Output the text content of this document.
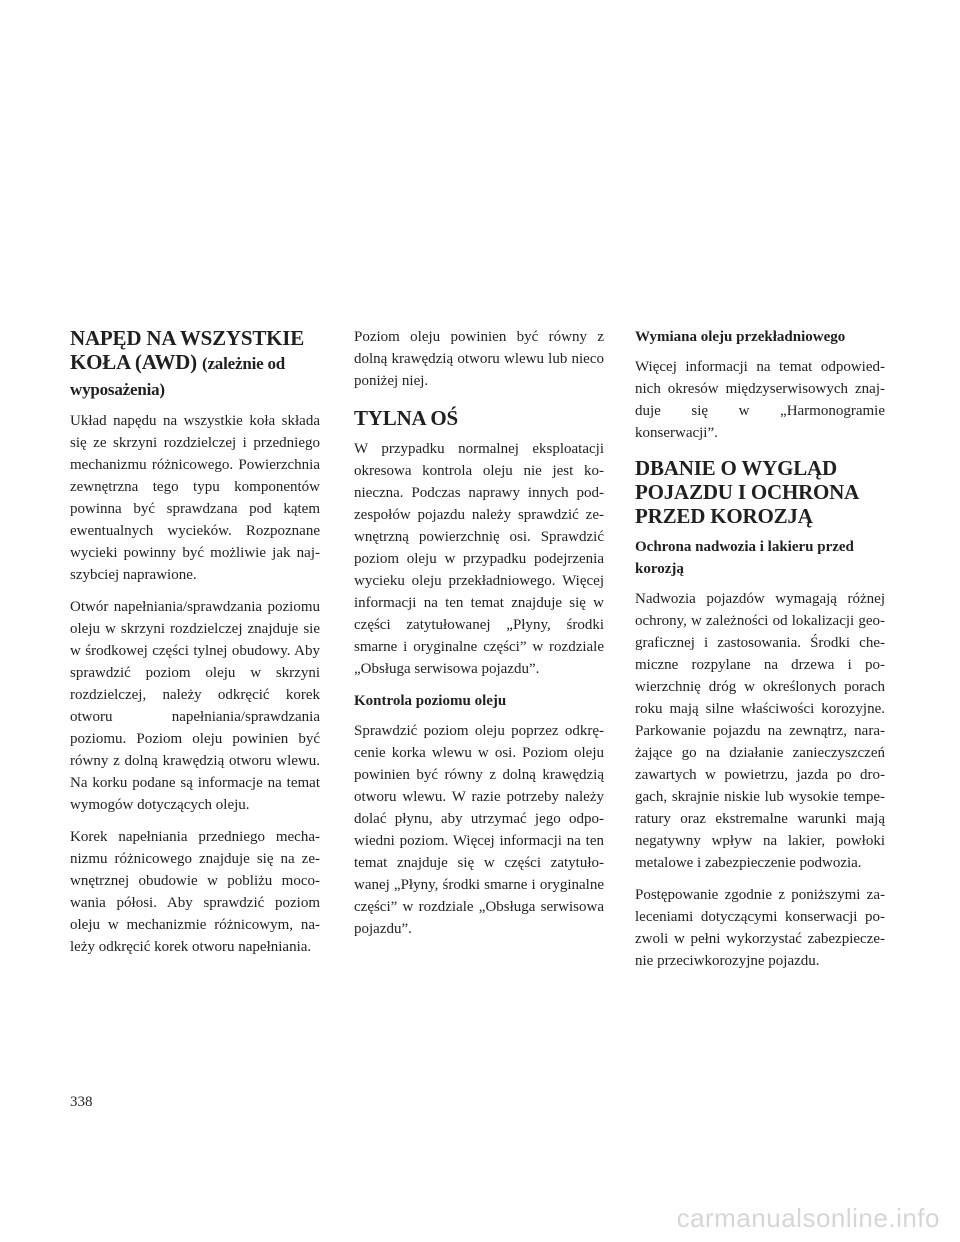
NAPĘD NA WSZYSTKIE KOŁA (AWD) (zależnie od wyposażenia)

Układ napędu na wszystkie koła składa się ze skrzyni rozdzielczej i przedniego mechanizmu różnicowego. Powierzchnia zewnętrzna tego typu komponentów powinna być sprawdzana pod kątem ewentualnych wycieków. Rozpoznane wycieki powinny być możliwie jak najszybciej naprawione.

Otwór napełniania/sprawdzania poziomu oleju w skrzyni rozdzielczej znajduje sie w środkowej części tylnej obudowy. Aby sprawdzić poziom oleju w skrzyni rozdzielczej, należy odkręcić korek otworu napełniania/sprawdzania poziomu. Poziom oleju powinien być równy z dolną krawędzią otworu wlewu. Na korku podane są informacje na temat wymogów dotyczących oleju.

Korek napełniania przedniego mechanizmu różnicowego znajduje się na zewnętrznej obudowie w pobliżu mocowania półosi. Aby sprawdzić poziom oleju w mechanizmie różnicowym, należy odkręcić korek otworu napełniania.

Poziom oleju powinien być równy z dolną krawędzią otworu wlewu lub nieco poniżej niej.

TYLNA OŚ

W przypadku normalnej eksploatacji okresowa kontrola oleju nie jest konieczna. Podczas naprawy innych podzespołów pojazdu należy sprawdzić zewnętrzną powierzchnię osi. Sprawdzić poziom oleju w przypadku podejrzenia wycieku oleju przekładniowego. Więcej informacji na ten temat znajduje się w części zatytułowanej „Płyny, środki smarne i oryginalne części” w rozdziale „Obsługa serwisowa pojazdu”.

Kontrola poziomu oleju

Sprawdzić poziom oleju poprzez odkręcenie korka wlewu w osi. Poziom oleju powinien być równy z dolną krawędzią otworu wlewu. W razie potrzeby należy dolać płynu, aby utrzymać jego odpowiedni poziom. Więcej informacji na ten temat znajduje się w części zatytułowanej „Płyny, środki smarne i oryginalne części” w rozdziale „Obsługa serwisowa pojazdu”.

Wymiana oleju przekładniowego

Więcej informacji na temat odpowiednich okresów międzyserwisowych znajduje się w „Harmonogramie konserwacji”.

DBANIE O WYGLĄD POJAZDU I OCHRONA PRZED KOROZJĄ
Ochrona nadwozia i lakieru przed korozją

Nadwozia pojazdów wymagają różnej ochrony, w zależności od lokalizacji geograficznej i zastosowania. Środki chemiczne rozpylane na drzewa i powierzchnię dróg w określonych porach roku mają silne właściwości korozyjne. Parkowanie pojazdu na zewnątrz, narażające go na działanie zanieczyszczeń zawartych w powietrzu, jazda po drogach, skrajnie niskie lub wysokie temperatury oraz ekstremalne warunki mają negatywny wpływ na lakier, powłoki metalowe i zabezpieczenie podwozia.

Postępowanie zgodnie z poniższymi zaleceniami dotyczącymi konserwacji pozwoli w pełni wykorzystać zabezpieczenie przeciwkorozyjne pojazdu.

338
carmanualsonline.info
